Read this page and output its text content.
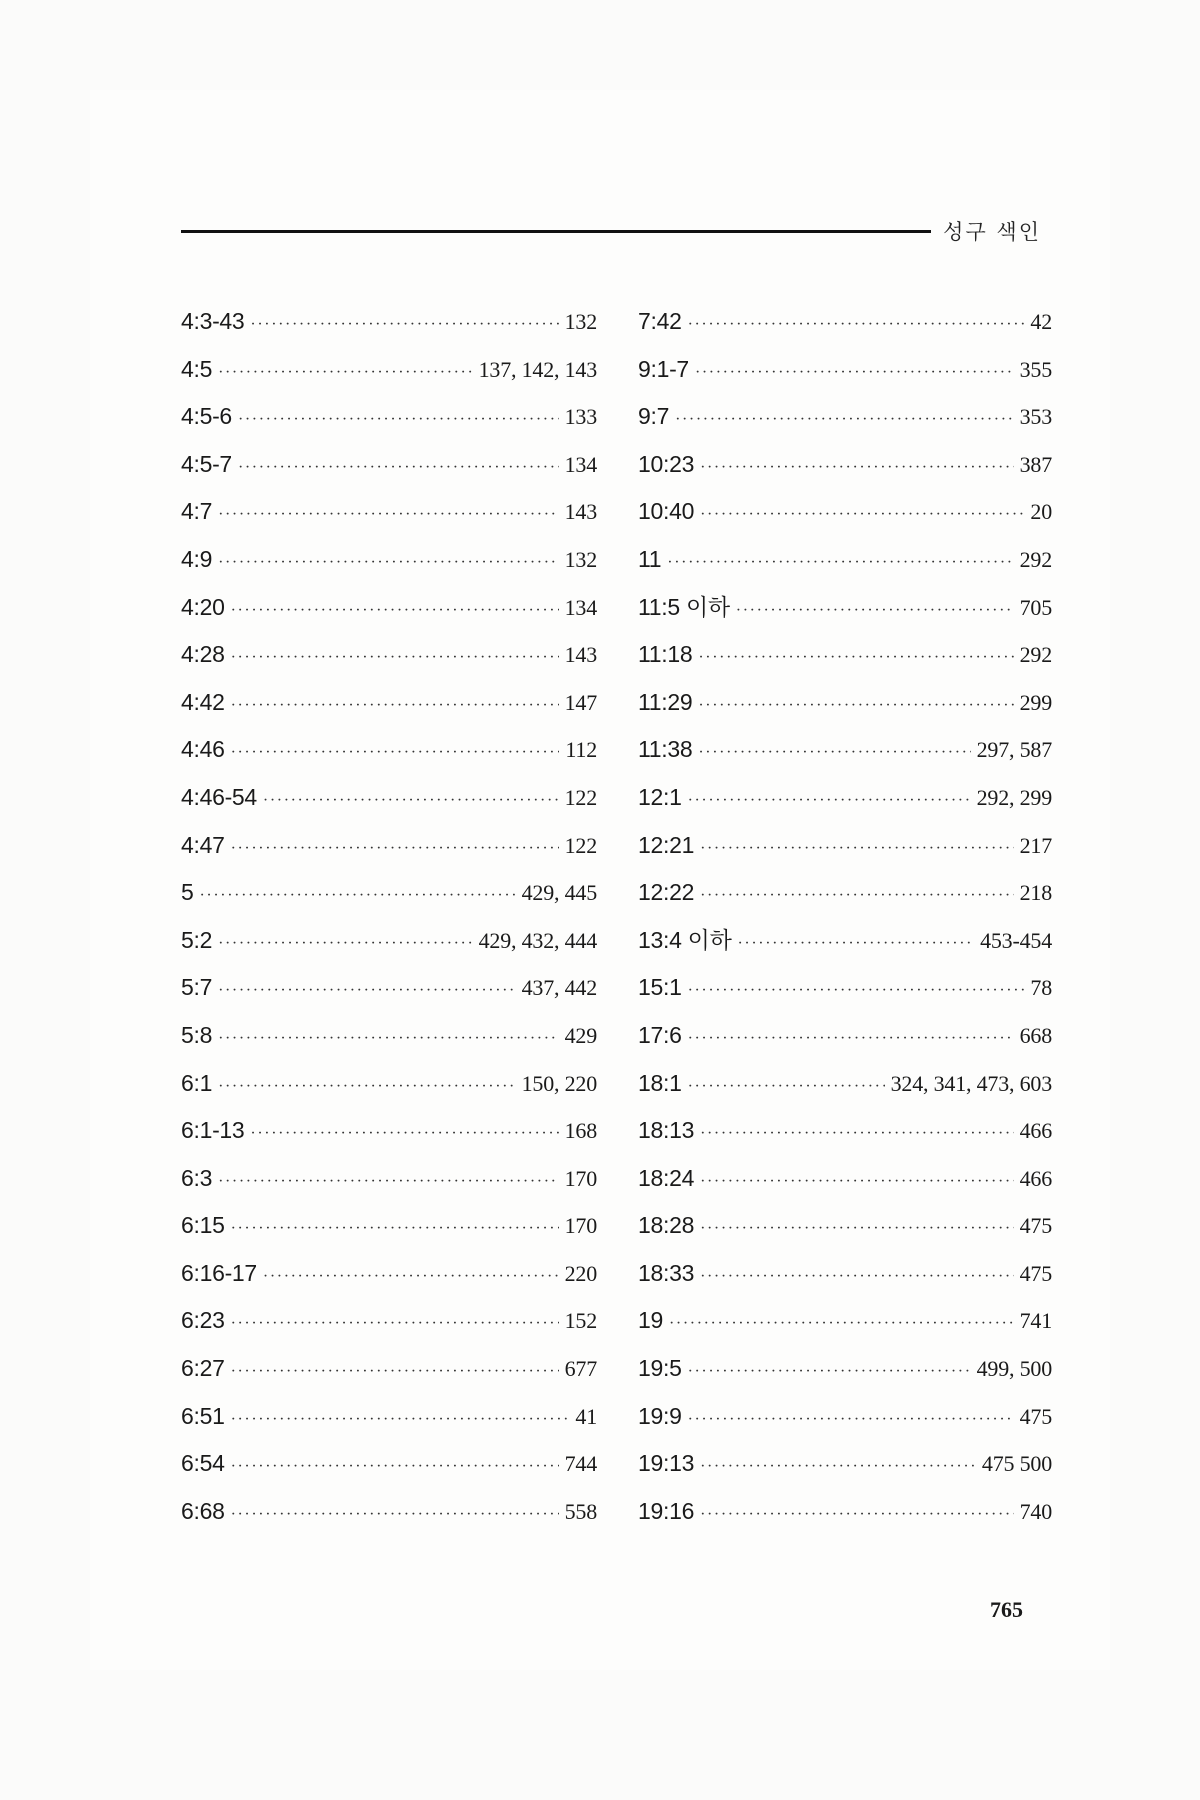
성구 색인
4:3-43 ·····	132
4:5 ·····	137, 142, 143
4:5-6 ·····	133
4:5-7 ·····	134
4:7 ·····	143
4:9 ·····	132
4:20 ·····	134
4:28 ·····	143
4:42 ·····	147
4:46 ·····	112
4:46-54 ·····	122
4:47 ·····	122
5 ·····	429, 445
5:2 ·····	429, 432, 444
5:7 ·····	437, 442
5:8 ·····	429
6:1 ·····	150, 220
6:1-13 ·····	168
6:3 ·····	170
6:15 ·····	170
6:16-17 ·····	220
6:23 ·····	152
6:27 ·····	677
6:51 ·····	41
6:54 ·····	744
6:68 ·····	558
7:42 ·····	42
9:1-7 ·····	355
9:7 ·····	353
10:23 ·····	387
10:40 ·····	20
11 ·····	292
11:5 이하 ·····	705
11:18 ·····	292
11:29 ·····	299
11:38 ·····	297, 587
12:1 ·····	292, 299
12:21 ·····	217
12:22 ·····	218
13:4 이하 ·····	453-454
15:1 ·····	78
17:6 ·····	668
18:1 ·····	324, 341, 473, 603
18:13 ·····	466
18:24 ·····	466
18:28 ·····	475
18:33 ·····	475
19 ·····	741
19:5 ·····	499, 500
19:9 ·····	475
19:13 ·····	475 500
19:16 ·····	740
765
